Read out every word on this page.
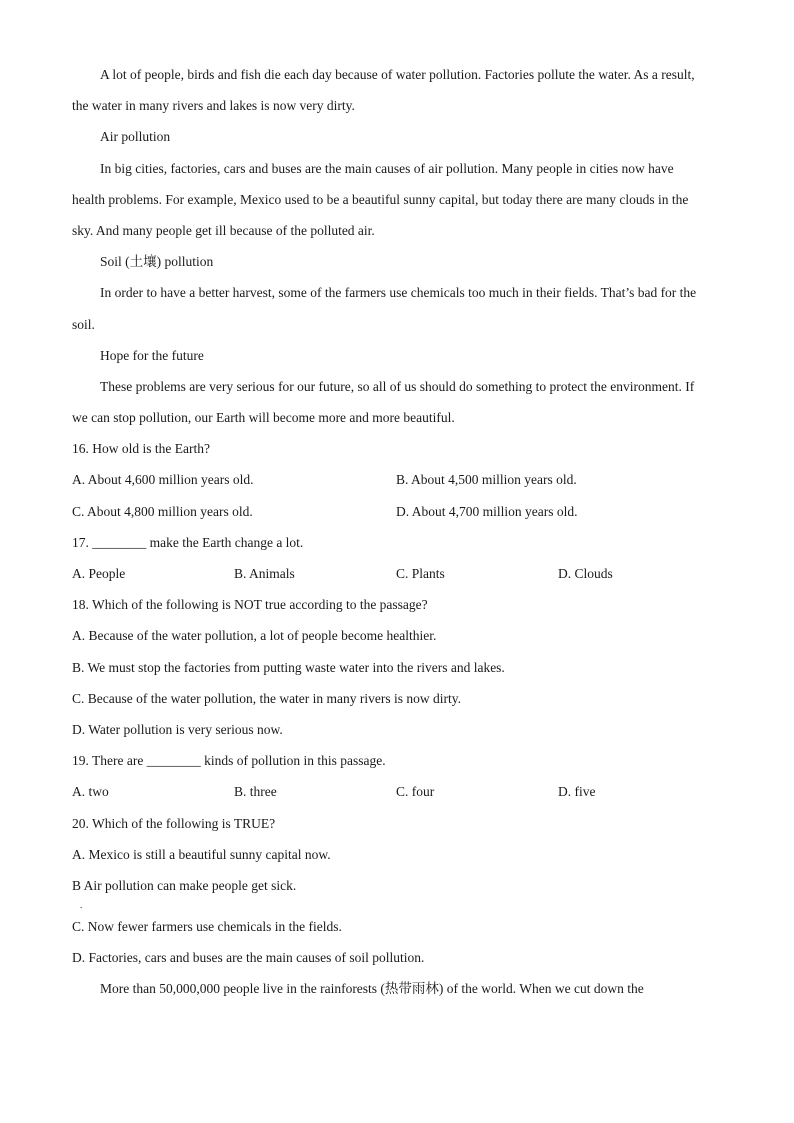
A lot of people, birds and fish die each day because of water pollution. Factories pollute the water. As a result,
the water in many rivers and lakes is now very dirty.
Air pollution
In big cities, factories, cars and buses are the main causes of air pollution. Many people in cities now have
health problems. For example, Mexico used to be a beautiful sunny capital, but today there are many clouds in the
sky. And many people get ill because of the polluted air.
Soil (土壤) pollution
In order to have a better harvest, some of the farmers use chemicals too much in their fields. That’s bad for the
soil.
Hope for the future
These problems are very serious for our future, so all of us should do something to protect the environment. If
we can stop pollution, our Earth will become more and more beautiful.
16. How old is the Earth?
A. About 4,600 million years old.	B. About 4,500 million years old.
C. About 4,800 million years old.	D. About 4,700 million years old.
17. ________ make the Earth change a lot.
A. People	B. Animals	C. Plants	D. Clouds
18. Which of the following is NOT true according to the passage?
A. Because of the water pollution, a lot of people become healthier.
B. We must stop the factories from putting waste water into the rivers and lakes.
C. Because of the water pollution, the water in many rivers is now dirty.
D. Water pollution is very serious now.
19. There are ________ kinds of pollution in this passage.
A. two	B. three	C. four	D. five
20. Which of the following is TRUE?
A. Mexico is still a beautiful sunny capital now.
B Air pollution can make people get sick.
.
C. Now fewer farmers use chemicals in the fields.
D. Factories, cars and buses are the main causes of soil pollution.
More than 50,000,000 people live in the rainforests (热带雨林) of the world. When we cut down the
